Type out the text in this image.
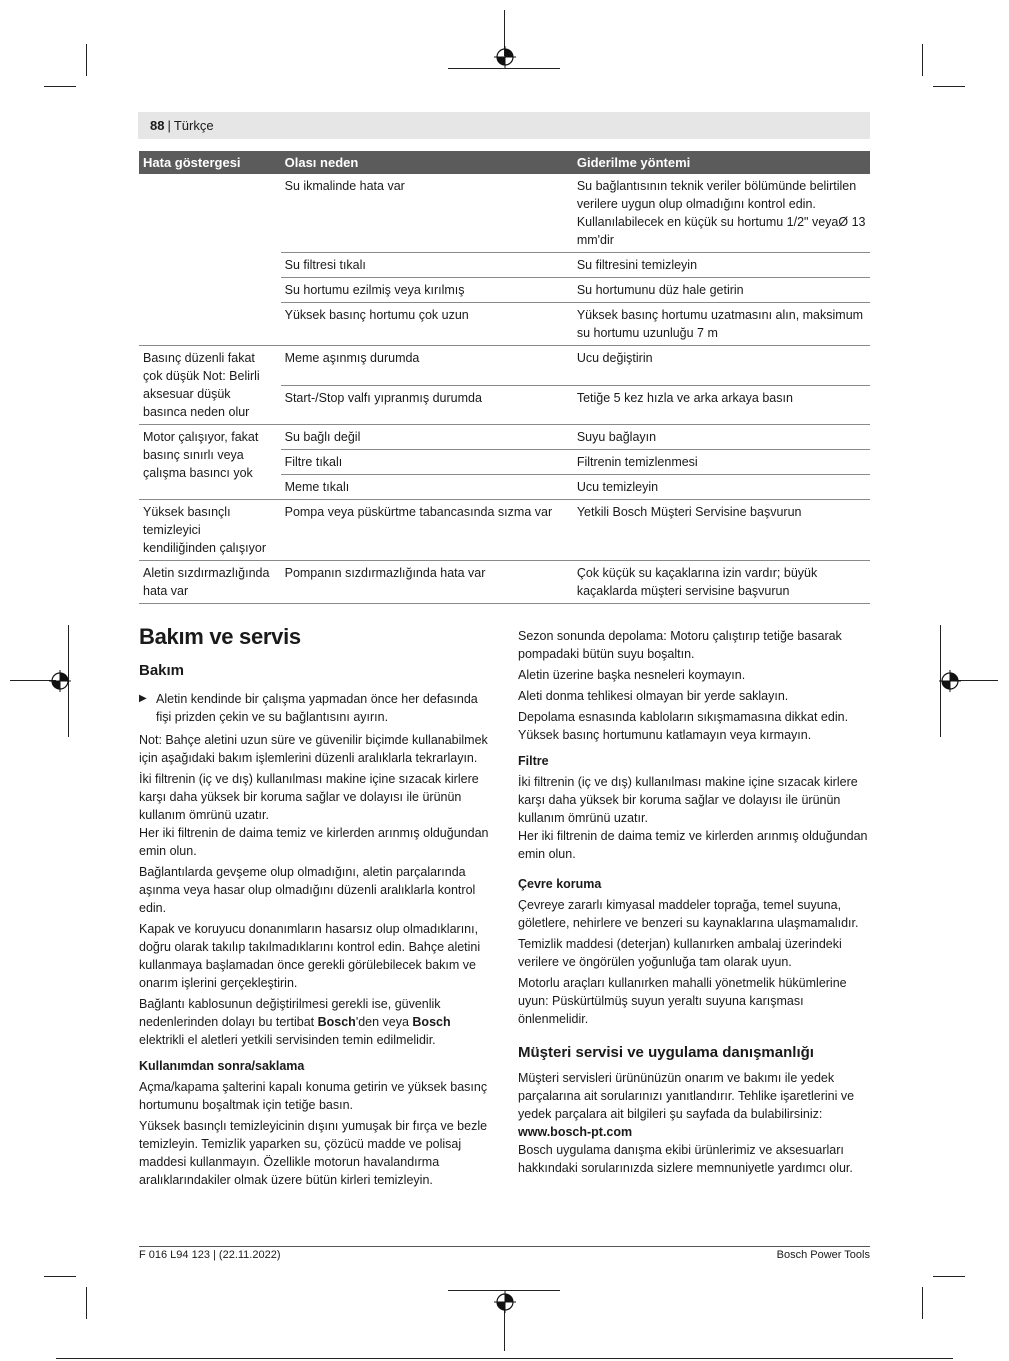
88 | Türkçe
Hata göstergesi	Olası neden	Giderilme yöntemi
	Su ikmalinde hata var	Su bağlantısının teknik veriler bölümünde belirtilen verilere uygun olup olmadığını kontrol edin. Kullanılabilecek en küçük su hortumu 1/2" veyaØ 13 mm'dir
	Su filtresi tıkalı	Su filtresini temizleyin
	Su hortumu ezilmiş veya kırılmış	Su hortumunu düz hale getirin
	Yüksek basınç hortumu çok uzun	Yüksek basınç hortumu uzatmasını alın, maksimum su hortumu uzunluğu 7 m
Basınç düzenli fakat çok düşük Not: Belirli aksesuar düşük basınca neden olur	Meme aşınmış durumda	Ucu değiştirin
	Start-/Stop valfı yıpranmış durumda	Tetiğe 5 kez hızla ve arka arkaya basın
Motor çalışıyor, fakat basınç sınırlı veya çalışma basıncı yok	Su bağlı değil	Suyu bağlayın
	Filtre tıkalı	Filtrenin temizlenmesi
	Meme tıkalı	Ucu temizleyin
Yüksek basınçlı temizleyici kendiliğinden çalışıyor	Pompa veya püskürtme tabancasında sızma var	Yetkili Bosch Müşteri Servisine başvurun
Aletin sızdırmazlığında hata var	Pompanın sızdırmazlığında hata var	Çok küçük su kaçaklarına izin vardır; büyük kaçaklarda müşteri servisine başvurun
Bakım ve servis
Bakım
▶ Aletin kendinde bir çalışma yapmadan önce her defasında fişi prizden çekin ve su bağlantısını ayırın.

Not: Bahçe aletini uzun süre ve güvenilir biçimde kullanabilmek için aşağıdaki bakım işlemlerini düzenli aralıklarla tekrarlayın.

İki filtrenin (iç ve dış) kullanılması makine içine sızacak kirlere karşı daha yüksek bir koruma sağlar ve dolayısı ile ürünün kullanım ömrünü uzatır.

Her iki filtrenin de daima temiz ve kirlerden arınmış olduğundan emin olun.

Bağlantılarda gevşeme olup olmadığını, aletin parçalarında aşınma veya hasar olup olmadığını düzenli aralıklarla kontrol edin.

Kapak ve koruyucu donanımların hasarsız olup olmadıklarını, doğru olarak takılıp takılmadıklarını kontrol edin. Bahçe aletini kullanmaya başlamadan önce gerekli görülebilecek bakım ve onarım işlerini gerçekleştirin.

Bağlantı kablosunun değiştirilmesi gerekli ise, güvenlik nedenlerinden dolayı bu tertibat Bosch'den veya Bosch elektrikli el aletleri yetkili servisinden temin edilmelidir.

Kullanımdan sonra/saklama

Açma/kapama şalterini kapalı konuma getirin ve yüksek basınç hortumunu boşaltmak için tetiğe basın.

Yüksek basınçlı temizleyicinin dışını yumuşak bir fırça ve bezle temizleyin. Temizlik yaparken su, çözücü madde ve polisaj maddesi kullanmayın. Özellikle motorun havalandırma aralıklarındakiler olmak üzere bütün kirleri temizleyin.

Sezon sonunda depolama: Motoru çalıştırıp tetiğe basarak pompadaki bütün suyu boşaltın.

Aletin üzerine başka nesneleri koymayın.

Aleti donma tehlikesi olmayan bir yerde saklayın.

Depolama esnasında kabloların sıkışmamasına dikkat edin. Yüksek basınç hortumunu katlamayın veya kırmayın.

Filtre

İki filtrenin (iç ve dış) kullanılması makine içine sızacak kirlere karşı daha yüksek bir koruma sağlar ve dolayısı ile ürünün kullanım ömrünü uzatır.

Her iki filtrenin de daima temiz ve kirlerden arınmış olduğundan emin olun.

Çevre koruma

Çevreye zararlı kimyasal maddeler toprağa, temel suyuna, göletlere, nehirlere ve benzeri su kaynaklarına ulaşmamalıdır.

Temizlik maddesi (deterjan) kullanırken ambalaj üzerindeki verilere ve öngörülen yoğunluğa tam olarak uyun.

Motorlu araçları kullanırken mahalli yönetmelik hükümlerine uyun: Püskürtülmüş suyun yeraltı suyuna karışması önlenmelidir.

Müşteri servisi ve uygulama danışmanlığı

Müşteri servisleri ürününüzün onarım ve bakımı ile yedek parçalarına ait sorularınızı yanıtlandırır. Tehlike işaretlerini ve yedek parçalara ait bilgileri şu sayfada da bulabilirsiniz:

www.bosch-pt.com

Bosch uygulama danışma ekibi ürünlerimiz ve aksesuarları hakkındaki sorularınızda sizlere memnuniyetle yardımcı olur.

F 016 L94 123 | (22.11.2022)	Bosch Power Tools
